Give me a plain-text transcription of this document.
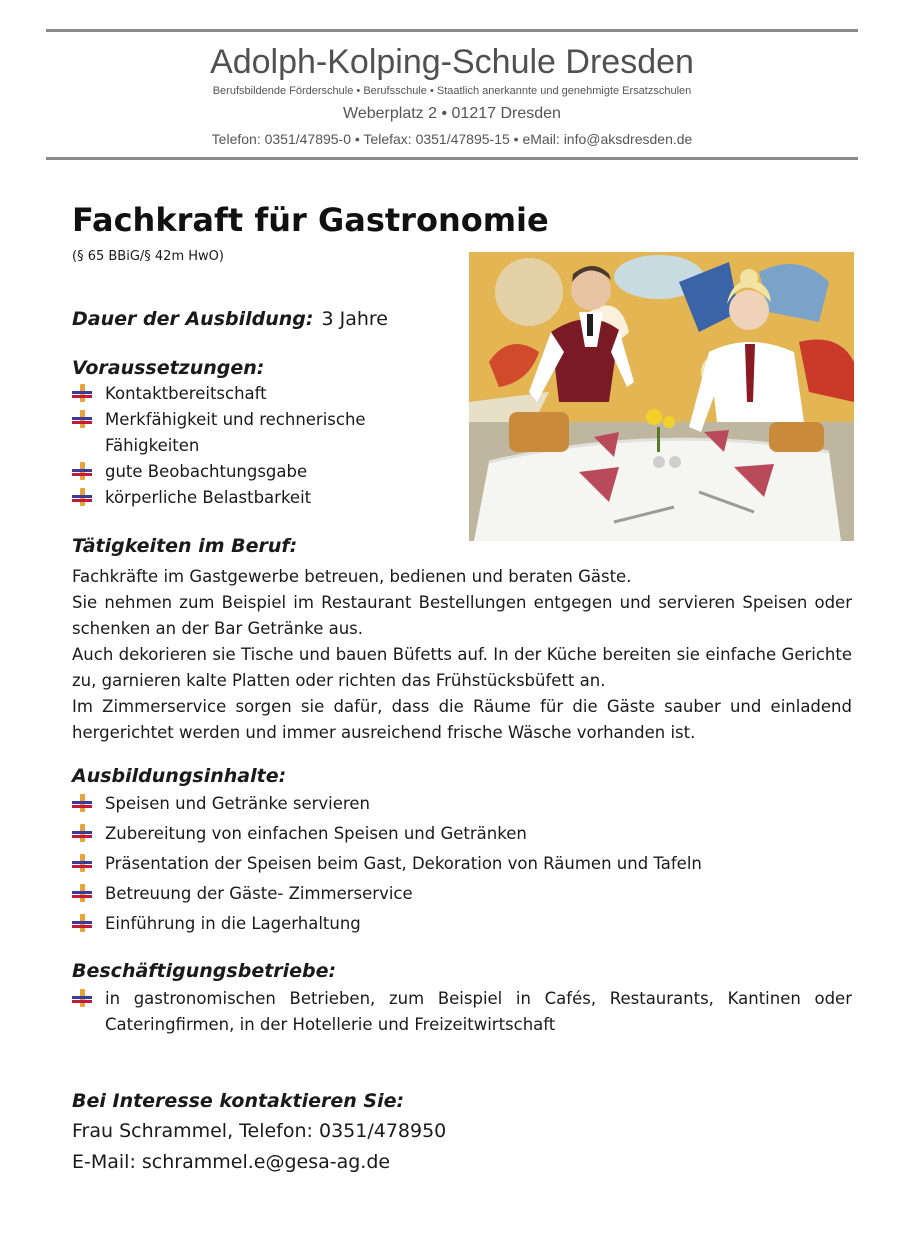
Adolph-Kolping-Schule Dresden
Berufsbildende Förderschule • Berufsschule • Staatlich anerkannte und genehmigte Ersatzschulen
Weberplatz 2 • 01217 Dresden
Telefon: 0351/47895-0 • Telefax: 0351/47895-15 • eMail: info@aksdresden.de
Fachkraft für Gastronomie
(§ 65 BBiG/§ 42m HwO)
Dauer der Ausbildung: 3 Jahre
Voraussetzungen:
Kontaktbereitschaft
Merkfähigkeit und rechnerische Fähigkeiten
gute Beobachtungsgabe
körperliche Belastbarkeit
Tätigkeiten im Beruf:

Fachkräfte im Gastgewerbe betreuen, bedienen und beraten Gäste.

Sie nehmen zum Beispiel im Restaurant Bestellungen entgegen und servieren Speisen oder schenken an der Bar Getränke aus.

Auch dekorieren sie Tische und bauen Büfetts auf. In der Küche bereiten sie einfache Gerichte zu, garnieren kalte Platten oder richten das Frühstücksbüfett an.

Im Zimmerservice sorgen sie dafür, dass die Räume für die Gäste sauber und einladend hergerichtet werden und immer ausreichend frische Wäsche vorhanden ist.

Ausbildungsinhalte:
Speisen und Getränke servieren
Zubereitung von einfachen Speisen und Getränken
Präsentation der Speisen beim Gast, Dekoration von Räumen und Tafeln
Betreuung der Gäste- Zimmerservice
Einführung in die Lagerhaltung
Beschäftigungsbetriebe:
in gastronomischen Betrieben, zum Beispiel in Cafés, Restaurants, Kantinen oder Cateringfirmen, in der Hotellerie und Freizeitwirtschaft
Bei Interesse kontaktieren Sie:
Frau Schrammel, Telefon: 0351/478950
E-Mail: schrammel.e@gesa-ag.de
